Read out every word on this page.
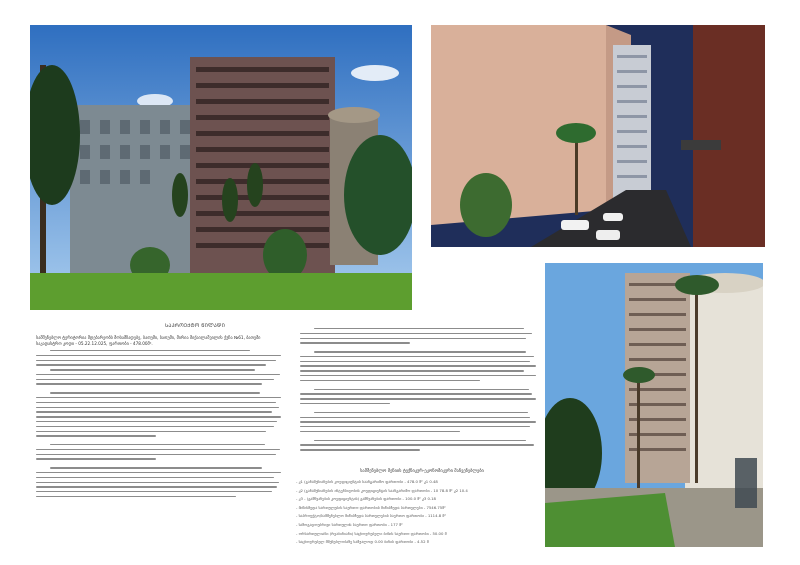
ᲡᲐᲞᲠᲝᲔᲥᲢᲝ ᲬᲘᲚᲐᲓᲘ
სამშენებლო ტერიტორია მდებარეობს მოსამზადებე, ბათუმი, ბათუმი, მირია მიქაილაშვილის ქუჩა №61, ბათუმი საკადასტრო კოდი - 05.22.12.025, ფართობი - 478.00მ².
სამშენებლო მენიის ტექნიკურ-ეკონომიკური მაჩვენებლები
- კ1 (განაშენიანების კოეფიციენტის საანგარიშო ფართობი - 478.0 მ² კ1 0.48
- კ2 (განაშენიანების ინტენსივობის კოეფიციენტის საანგარიშო ფართობი - 10 78.8 მ² კ2 10.4
- კ3 - (გამწვანების კოეფიციენტის) გამწვანების ფართობი - 100.0 მ² კ3 0.18
- მიწისზედა სართულების საერთო ფართობის მიწისზედა სართულები - 7546.75მ²
- საპროექტო/სამშენებლო მიწისზედა სართულების საერთო ფართობი - 1114.8 მ²
- საზოგადოებრივი სართულის საერთო ფართობი - 177 მ²
- ორსართულიანი (რვაბინიანი) საცხოვრებელი ბინის საერთო ფართობი - 50.00 მ
- საცხოვრებელ მშენებლობაზე საშუალოდ 0.00 ბინის ფართობი - 4.52 მ
